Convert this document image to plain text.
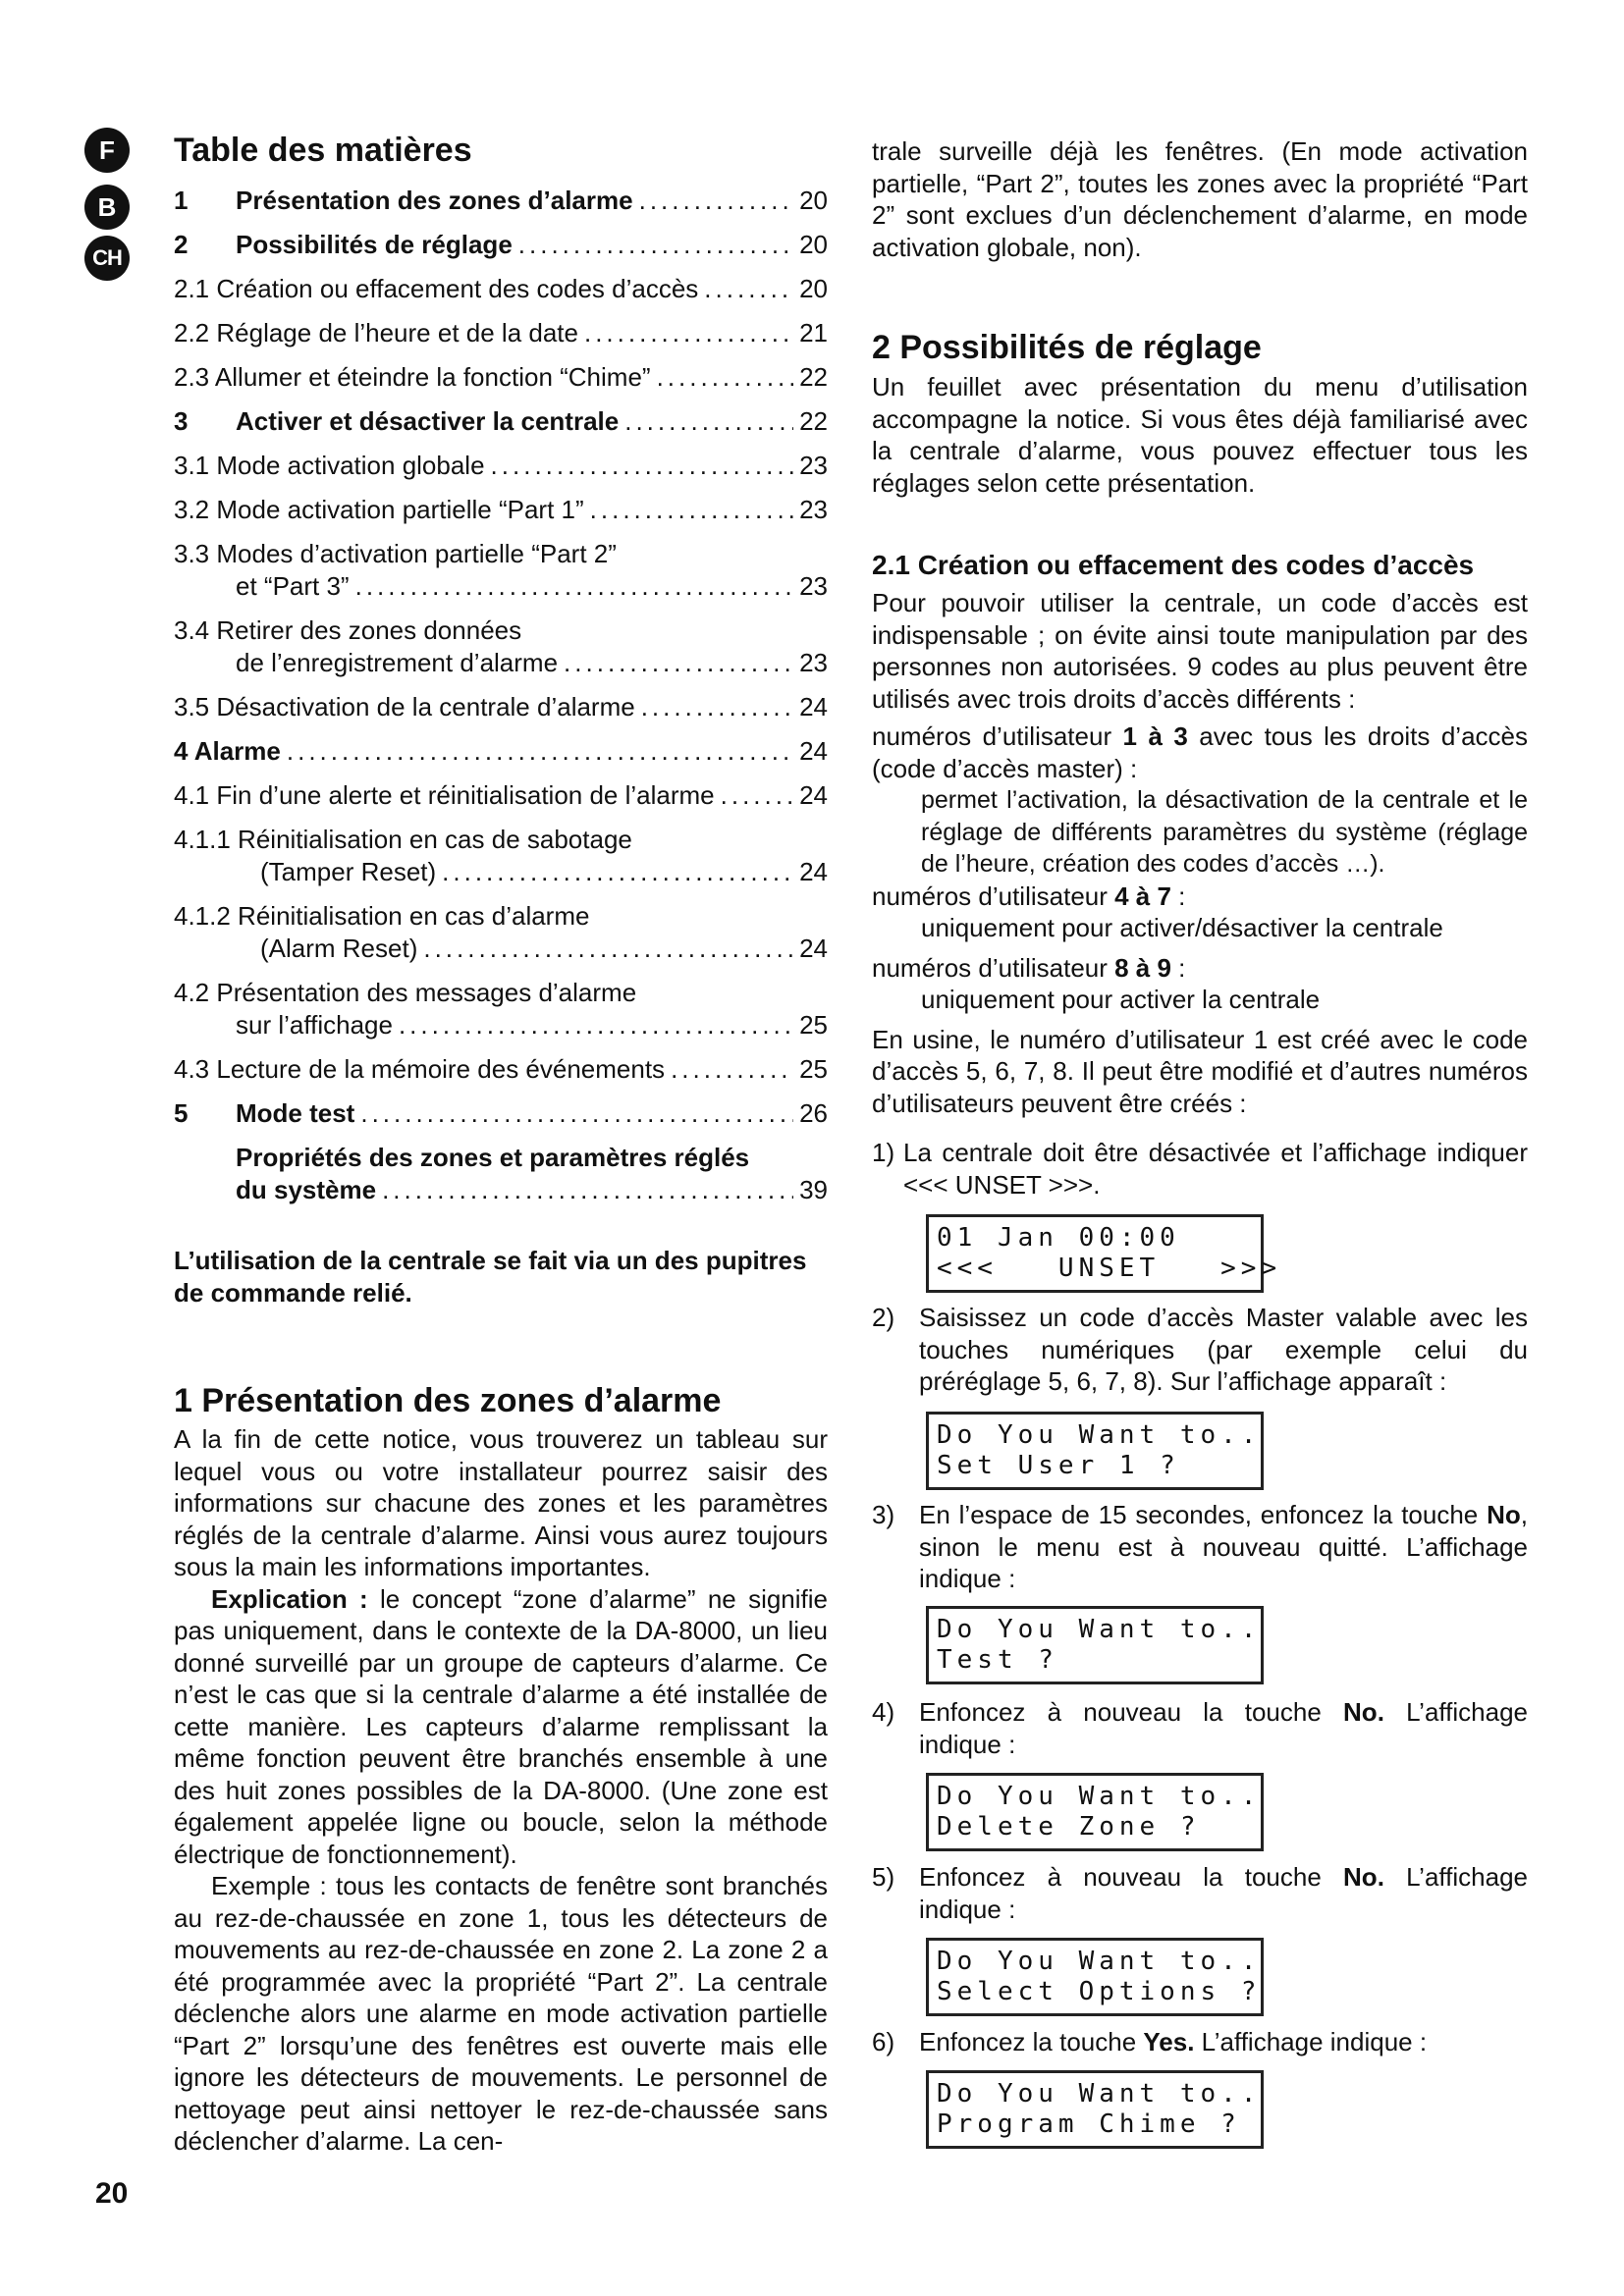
F
B
CH
Table des matières
1 Présentation des zones d’alarme .....	20
2 Possibilités de réglage .....	20
2.1 Création ou effacement des codes d’accès .....	20
2.2 Réglage de l’heure et de la date .....	21
2.3 Allumer et éteindre la fonction “Chime” .....	22
3 Activer et désactiver la centrale .....	22
3.1 Mode activation globale .....	23
3.2 Mode activation partielle “Part 1” .....	23
3.3 Modes d’activation partielle “Part 2”
et “Part 3” .....	23
3.4 Retirer des zones données
de l’enregistrement d’alarme .....	23
3.5 Désactivation de la centrale d’alarme .....	24
4 Alarme .....	24
4.1 Fin d’une alerte et réinitialisation de l’alarme .....	24
4.1.1 Réinitialisation en cas de sabotage
(Tamper Reset) .....	24
4.1.2 Réinitialisation en cas d’alarme
(Alarm Reset) .....	24
4.2 Présentation des messages d’alarme
sur l’affichage .....	25
4.3 Lecture de la mémoire des événements .....	25
5 Mode test .....	26
Propriétés des zones et paramètres réglés
du système .....	39
L’utilisation de la centrale se fait via un des pupitres de commande relié.
1 Présentation des zones d’alarme

A la fin de cette notice, vous trouverez un tableau sur lequel vous ou votre installateur pourrez saisir des informations sur chacune des zones et les paramètres réglés de la centrale d’alarme. Ainsi vous aurez toujours sous la main les informations importantes.

Explication : le concept “zone d’alarme” ne signifie pas uniquement, dans le contexte de la DA-8000, un lieu donné surveillé par un groupe de capteurs d’alarme. Ce n’est le cas que si la centrale d’alarme a été installée de cette manière. Les capteurs d’alarme remplissant la même fonction peuvent être branchés ensemble à une des huit zones possibles de la DA-8000. (Une zone est également appelée ligne ou boucle, selon la méthode électrique de fonctionnement).

Exemple : tous les contacts de fenêtre sont branchés au rez-de-chaussée en zone 1, tous les détecteurs de mouvements au rez-de-chaussée en zone 2. La zone 2 a été programmée avec la propriété “Part 2”. La centrale déclenche alors une alarme en mode activation partielle “Part 2” lorsqu’une des fenêtres est ouverte mais elle ignore les détecteurs de mouvements. Le personnel de nettoyage peut ainsi nettoyer le rez-de-chaussée sans déclencher d’alarme. La cen-

trale surveille déjà les fenêtres. (En mode activation partielle, “Part 2”, toutes les zones avec la propriété “Part 2” sont exclues d’un déclenchement d’alarme, en mode activation globale, non).
2 Possibilités de réglage
Un feuillet avec présentation du menu d’utilisation accompagne la notice. Si vous êtes déjà familiarisé avec la centrale d’alarme, vous pouvez effectuer tous les réglages selon cette présentation.
2.1 Création ou effacement des codes d’accès

Pour pouvoir utiliser la centrale, un code d’accès est indispensable ; on évite ainsi toute manipulation par des personnes non autorisées. 9 codes au plus peuvent être utilisés avec trois droits d’accès différents :

numéros d’utilisateur 1 à 3 avec tous les droits d’accès (code d’accès master) :

permet l’activation, la désactivation de la centrale et le réglage de différents paramètres du système (réglage de l’heure, création des codes d’accès …).

numéros d’utilisateur 4 à 7 :

uniquement pour activer/désactiver la centrale

numéros d’utilisateur 8 à 9 :

uniquement pour activer la centrale

En usine, le numéro d’utilisateur 1 est créé avec le code d’accès 5, 6, 7, 8. Il peut être modifié et d’autres numéros d’utilisateurs peuvent être créés :

1) La centrale doit être désactivée et l’affichage indiquer <<< UNSET >>>.
01 Jan 00:00
<<<   UNSET   >>>
2) Saisissez un code d’accès Master valable avec les touches numériques (par exemple celui du préréglage 5, 6, 7, 8). Sur l’affichage apparaît :
Do You Want to..
Set User 1 ?
3) En l’espace de 15 secondes, enfoncez la touche No, sinon le menu est à nouveau quitté. L’affichage indique :
Do You Want to..
Test ?
4) Enfoncez à nouveau la touche No. L’affichage indique :
Do You Want to..
Delete Zone ?
5) Enfoncez à nouveau la touche No. L’affichage indique :
Do You Want to..
Select Options ?
6) Enfoncez la touche Yes. L’affichage indique :
Do You Want to..
Program Chime ?
20
